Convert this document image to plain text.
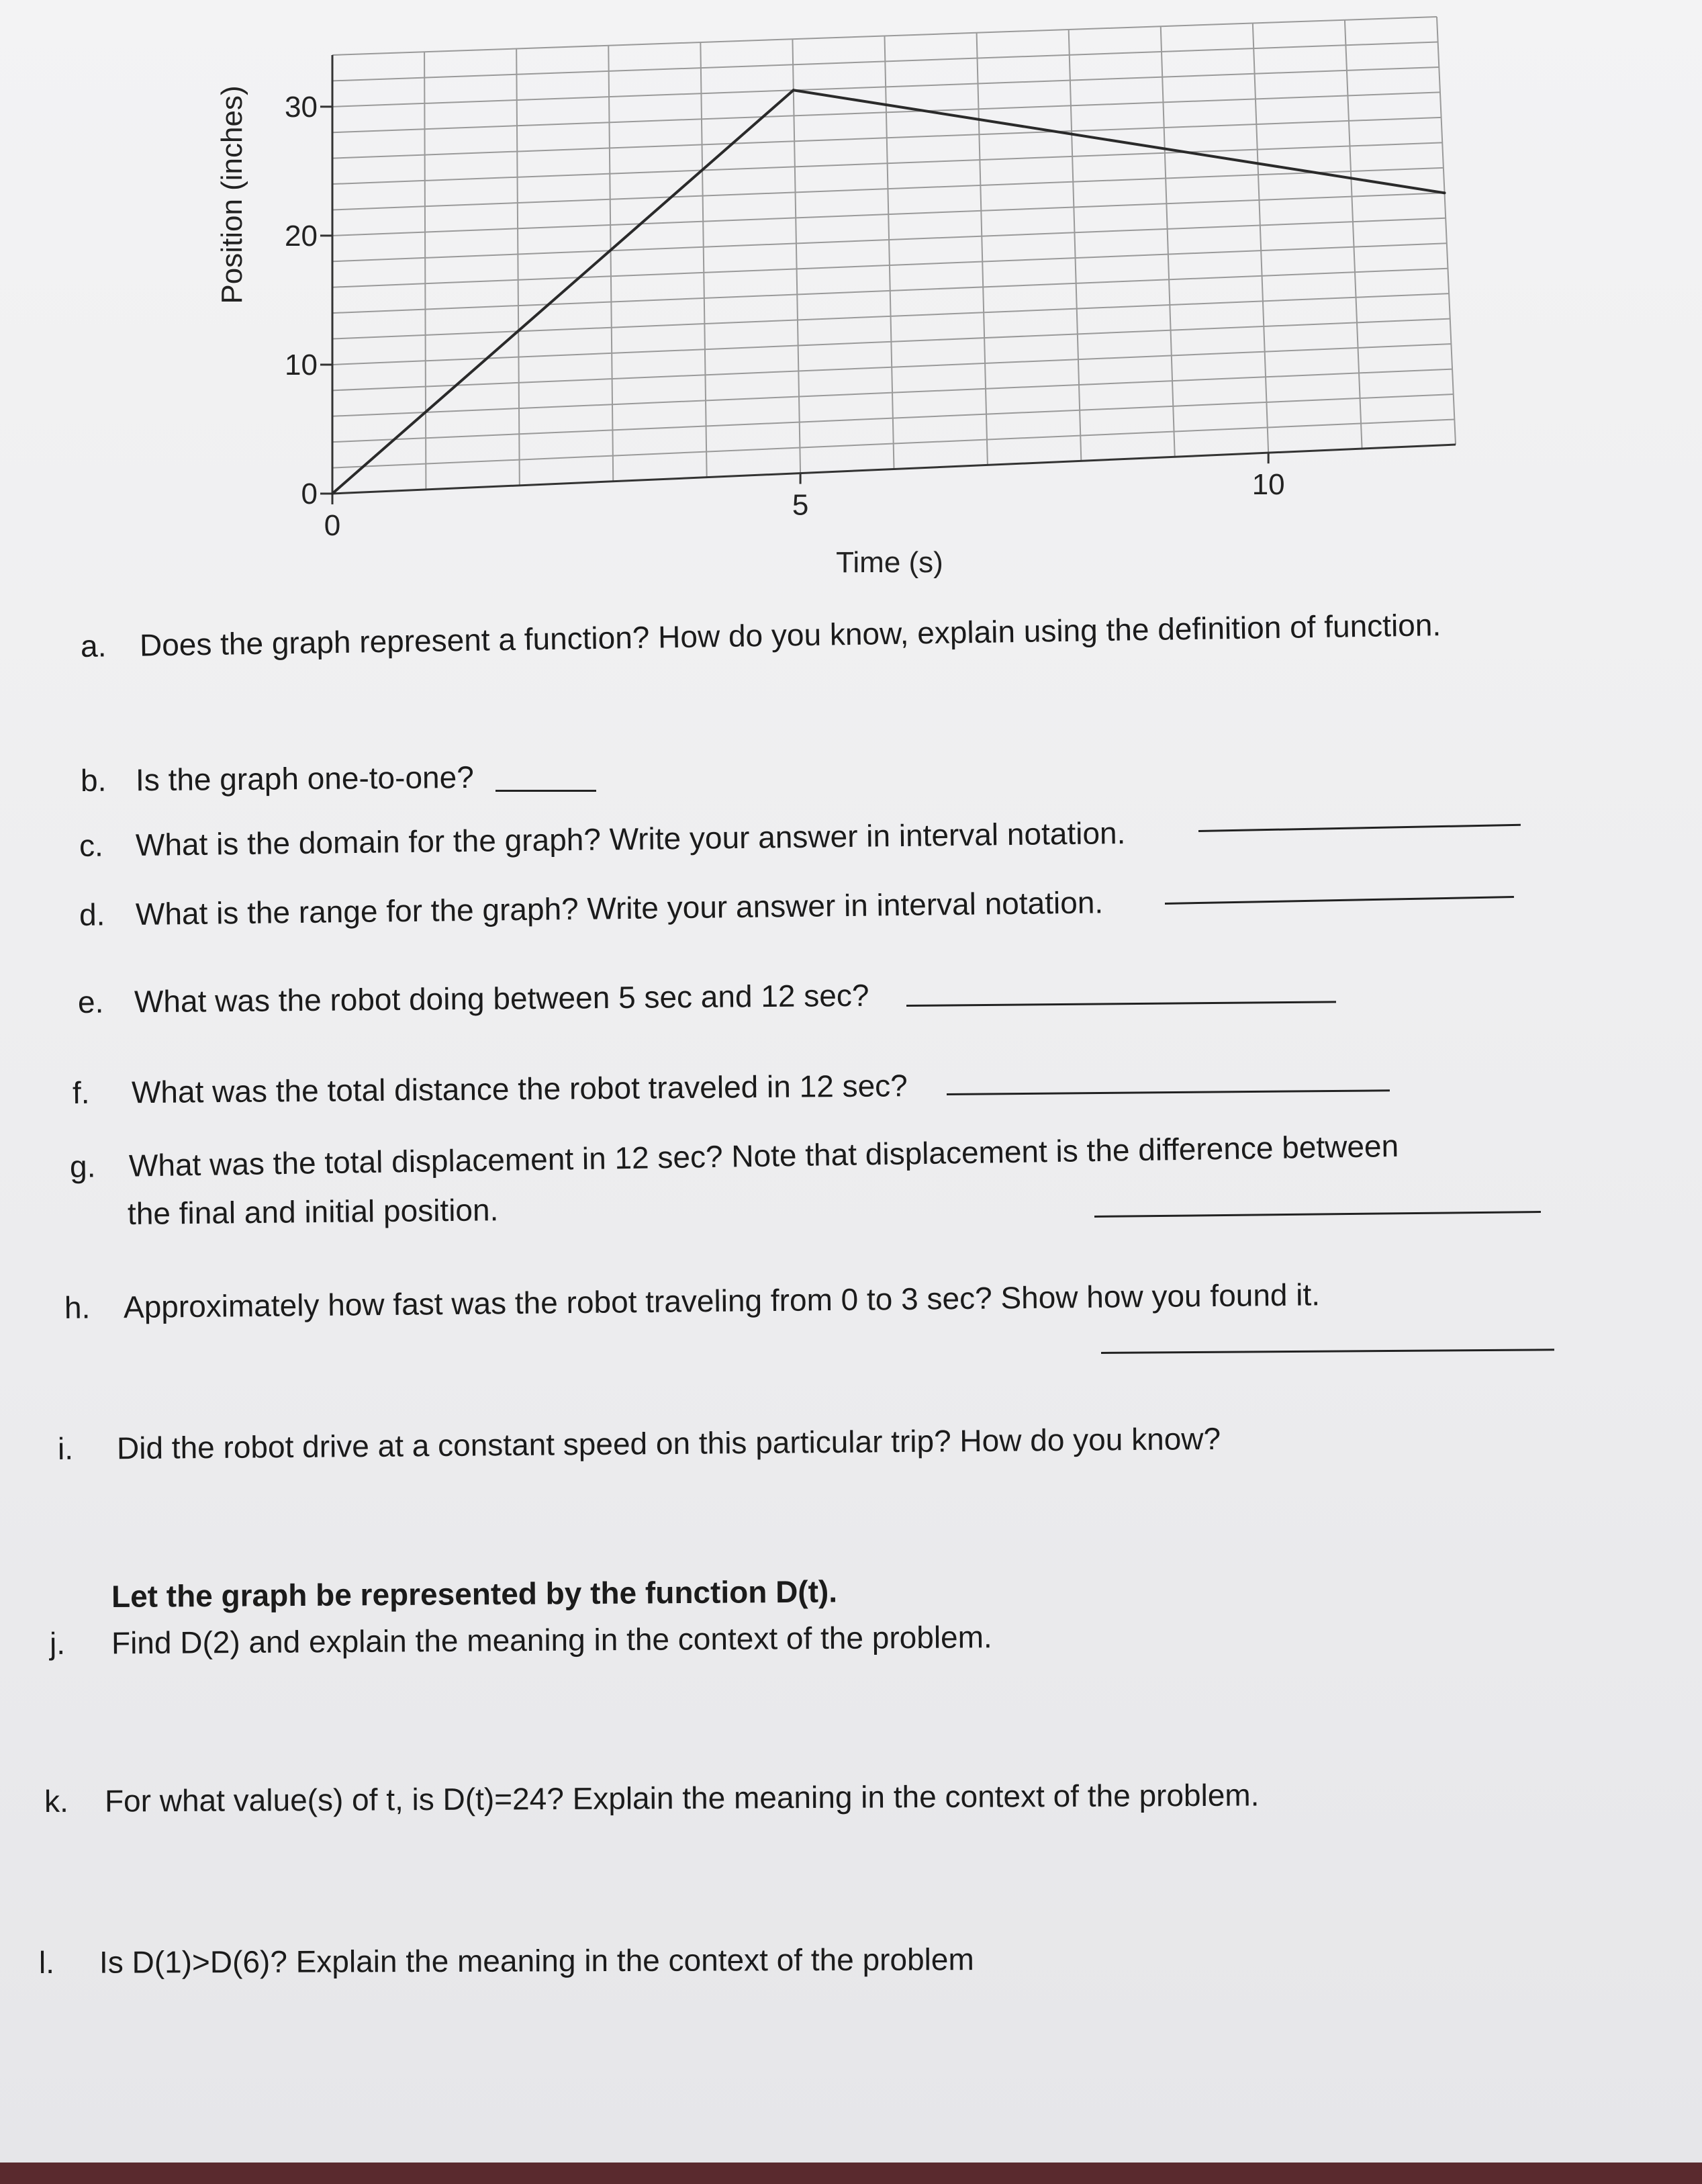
0
5
10
0
10
20
30
Time (s)
Position (inches)
a. Does the graph represent a function? How do you know, explain using the definition of function.
b. Is the graph one-to-one?
c. What is the domain for the graph? Write your answer in interval notation.
d. What is the range for the graph? Write your answer in interval notation.
e. What was the robot doing between 5 sec and 12 sec?
f. What was the total distance the robot traveled in 12 sec?
g. What was the total displacement in 12 sec? Note that displacement is the difference between
the final and initial position.
h. Approximately how fast was the robot traveling from 0 to 3 sec? Show how you found it.
i. Did the robot drive at a constant speed on this particular trip? How do you know?
Let the graph be represented by the function D(t).
j. Find D(2) and explain the meaning in the context of the problem.
k. For what value(s) of t, is D(t)=24? Explain the meaning in the context of the problem.
l. Is D(1)>D(6)? Explain the meaning in the context of the problem
